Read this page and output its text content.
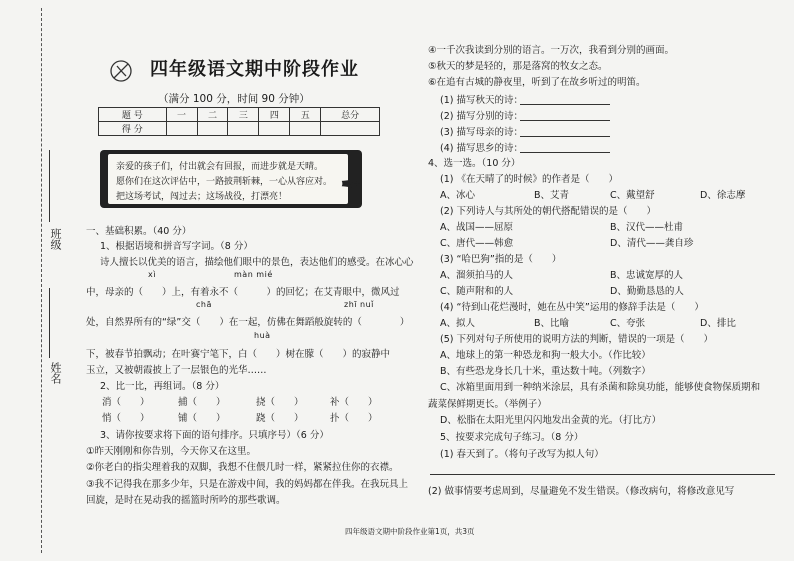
班级
姓名
四年级语文期中阶段作业
（满分 100 分，时间 90 分钟）
题 号	一	二	三	四	五	总分
得 分						
亲爱的孩子们，付出就会有回报，而进步就是天晴。
愿你们在这次评估中，一路披荆斩棘，一心从容应对。
把这场考试，闯过去；这场战役，打漂亮！ ✒
一、基础积累。（40 分）
1、根据语境和拼音写字词。（8 分）
诗人擅长以优美的语言，描绘他们眼中的景色，表达他们的感受。在冰心心
xì	màn mié
中，母亲的（　　）上，有着永不（　　　）的回忆；在艾青眼中，微风过
chā	zhī nuǐ
处，自然界所有的“绿”交（　　）在一起，仿佛在舞蹈般旋转的（　　　　）
huà
下，被春节拍飘动；在叶赛宁笔下，白（　　）树在朦（　　）的寂静中
玉立，又被朝霞披上了一层银色的光华……
2、比一比，再组词。（8 分）
消（　　）	捕（　　）	挠（　　）	补（　　）
悄（　　）	铺（　　）	跷（　　）	扑（　　）
3、请你按要求将下面的语句排序。只填序号）（6 分）
①昨天刚刚和你告别，今天你又在这里。
②你老白的指尖理着我的双脚，我想不住偎几时一样，紧紧拉住你的衣襟。
③我不记得我在那多少年，只是在游戏中间，我的妈妈都在伴我。在我玩具上
回旋，是时在晃动我的摇篮时所吟的那些歌调。
④一千次我读到分别的语言。一万次，我看到分别的画面。
⑤秋天的梦是轻的，那是落窝的牧女之态。
⑥在追有古城的静夜里，听到了在故乡听过的明笛。
(1) 描写秋天的诗：
(2) 描写分别的诗：
(3) 描写母亲的诗：
(4) 描写思乡的诗：
4、选一选。（10 分）
(1) 《在天晴了的时候》的作者是（　　）
A、冰心	B、艾青	C、戴望舒	D、徐志摩
(2) 下列诗人与其所处的朝代搭配错误的是（　　）
A、战国——屈原	B、汉代——杜甫
C、唐代——韩愈	D、清代——龚自珍
(3) “哈巴狗”指的是（　　）
A、溜须拍马的人	B、忠诚宽厚的人
C、随声附和的人	D、勤勤恳恳的人
(4) “待到山花烂漫时，她在丛中笑”运用的修辞手法是（　　）
A、拟人	B、比喻	C、夸张	D、排比
(5) 下列对句子所使用的说明方法的判断，错误的一项是（　　）
A、地球上的第一种恐龙和狗一般大小。（作比较）
B、有些恐龙身长几十米，重达数十吨。（列数字）
C、冰箱里面用到一种纳米涂层，具有杀菌和除臭功能，能够使食物保质期和
蔬菜保鲜期更长。（举例子）
D、松脂在太阳光里闪闪地发出金黄的光。（打比方）
5、按要求完成句子练习。（8 分）
(1) 春天到了。（将句子改写为拟人句）
(2) 做事情要考虑周到，尽量避免不发生错误。（修改病句，将修改意见写
四年级语文期中阶段作业第1页，共3页
